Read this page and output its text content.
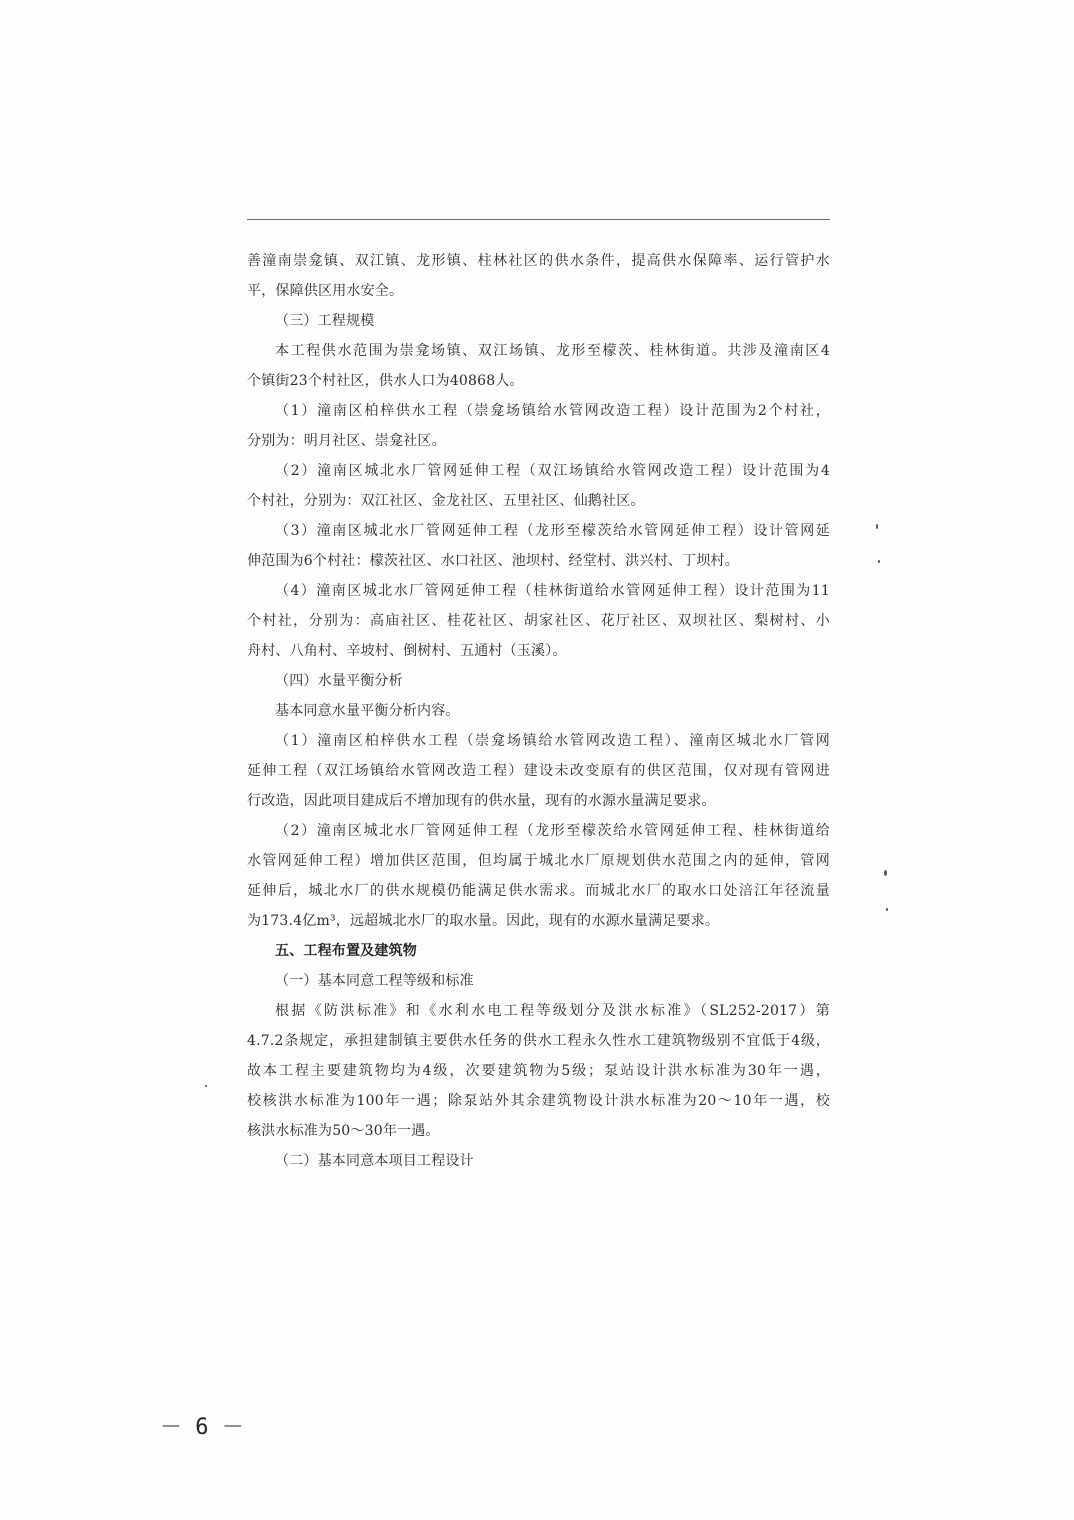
善潼南崇龛镇、双江镇、龙形镇、柱林社区的供水条件，提高供水保障率、运行管护水
平，保障供区用水安全。
（三）工程规模
本工程供水范围为崇龛场镇、双江场镇、龙形至檬茨、桂林街道。共涉及潼南区4
个镇街23个村社区，供水人口为40868人。
（1）潼南区柏梓供水工程（崇龛场镇给水管网改造工程）设计范围为2个村社，
分别为：明月社区、崇龛社区。
（2）潼南区城北水厂管网延伸工程（双江场镇给水管网改造工程）设计范围为4
个村社，分别为：双江社区、金龙社区、五里社区、仙鹅社区。
（3）潼南区城北水厂管网延伸工程（龙形至檬茨给水管网延伸工程）设计管网延
伸范围为6个村社：檬茨社区、水口社区、池坝村、经堂村、洪兴村、丁坝村。
（4）潼南区城北水厂管网延伸工程（桂林街道给水管网延伸工程）设计范围为11
个村社，分别为：高庙社区、桂花社区、胡家社区、花厅社区、双坝社区、梨树村、小
舟村、八角村、辛坡村、倒树村、五通村（玉溪）。
（四）水量平衡分析
基本同意水量平衡分析内容。
（1）潼南区柏梓供水工程（崇龛场镇给水管网改造工程）、潼南区城北水厂管网
延伸工程（双江场镇给水管网改造工程）建设未改变原有的供区范围，仅对现有管网进
行改造，因此项目建成后不增加现有的供水量，现有的水源水量满足要求。
（2）潼南区城北水厂管网延伸工程（龙形至檬茨给水管网延伸工程、桂林街道给
水管网延伸工程）增加供区范围，但均属于城北水厂原规划供水范围之内的延伸，管网
延伸后，城北水厂的供水规模仍能满足供水需求。而城北水厂的取水口处涪江年径流量
为173.4亿m³，远超城北水厂的取水量。因此，现有的水源水量满足要求。
五、工程布置及建筑物
（一）基本同意工程等级和标准
根据《防洪标准》和《水利水电工程等级划分及洪水标准》（SL252-2017）第
4.7.2条规定，承担建制镇主要供水任务的供水工程永久性水工建筑物级别不宜低于4级，
故本工程主要建筑物均为4级，次要建筑物为5级；泵站设计洪水标准为30年一遇，
校核洪水标准为100年一遇；除泵站外其余建筑物设计洪水标准为20～10年一遇，校
核洪水标准为50～30年一遇。
（二）基本同意本项目工程设计
－ 6 －
